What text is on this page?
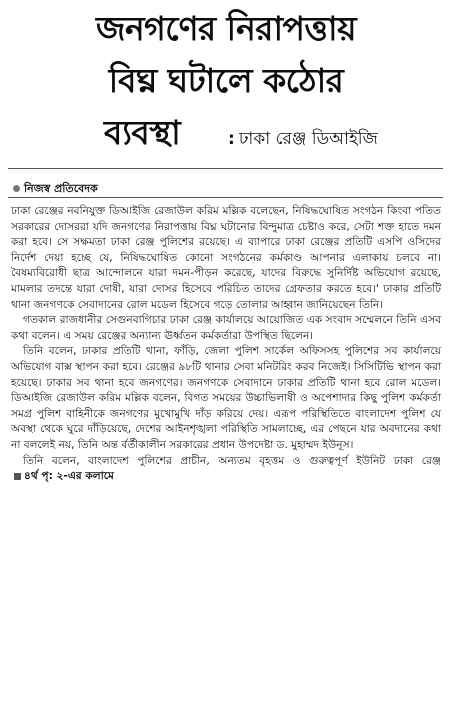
জনগণের নিরাপত্তায়
বিঘ্ন ঘটালে কঠোর
ব্যবস্থা	: ঢাকা রেঞ্জ ডিআইজি
নিজস্ব প্রতিবেদক

ঢাকা রেঞ্জের নবনিযুক্ত ডিআইজি রেজাউল করিম মল্লিক বলেছেন, নিষিদ্ধঘোষিত সংগঠন কিংবা পতিত সরকারের দোসররা যদি জনগণের নিরাপত্তায় বিঘ্ন ঘটানোর বিন্দুমাত্র চেষ্টাও করে, সেটা শক্ত হাতে দমন করা হবে। সে সক্ষমতা ঢাকা রেঞ্জ পুলিশের রয়েছে। এ ব্যাপারে ঢাকা রেঞ্জের প্রতিটি এসপি ওসিদের নির্দেশ দেয়া হচ্ছে যে, নিষিদ্ধঘোষিত কোনো সংগঠনের কর্মকাণ্ড আপনার এলাকায় চলবে না। বৈষম্যবিরোধী ছাত্র আন্দোলনে যারা দমন-পীড়ন করেছে, যাদের বিরুদ্ধে সুনির্দিষ্ট অভিযোগ রয়েছে, মামলার তদন্তে যারা দোষী, যারা দোসর হিসেবে পরিচিত তাদের গ্রেফতার করতে হবে।' ঢাকার প্রতিটি থানা জনগণকে সেবাদানের রোল মডেল হিসেবে গড়ে তোলার আহ্বান জানিয়েছেন তিনি।

গতকাল রাজধানীর সেগুনবাগিচার ঢাকা রেঞ্জ কার্যালয়ে আয়োজিত এক সংবাদ সম্মেলনে তিনি এসব কথা বলেন। এ সময় রেঞ্জের অন্যান্য ঊর্ধ্বতন কর্মকর্তারা উপস্থিত ছিলেন।

তিনি বলেন, ঢাকার প্রতিটি থানা, ফাঁড়ি, জেলা পুলিশ সার্কেল অফিসসহ পুলিশের সব কার্যালয়ে অভিযোগ বাক্স স্থাপন করা হবে। রেঞ্জের ৯৮টি থানার সেবা মনিটরিং করব নিজেই। সিসিটিভি স্থাপন করা হয়েছে। ঢাকার সব থানা হবে জনগণের। জনগণকে সেবাদানে ঢাকার প্রতিটি থানা হবে রোল মডেল। ডিআইজি রেজাউল করিম মল্লিক বলেন, বিগত সময়ের উচ্চাভিলাষী ও অপেশাদার কিছু পুলিশ কর্মকর্তা সমগ্র পুলিশ বাহিনীকে জনগণের মুখোমুখি দাঁড় করিয়ে দেয়। এরূপ পরিস্থিতিতে বাংলাদেশ পুলিশ যে অবস্থা থেকে ঘুরে দাঁড়িয়েছে, দেশের আইনশৃঙ্খলা পরিস্থিতি সামলাচ্ছে, এর পেছনে যার অবদানের কথা না বললেই নয়, তিনি অন্ত র্বর্তীকালীন সরকারের প্রধান উপদেষ্টা ড. মুহাম্মদ ইউনূস।

তিনি বলেন, বাংলাদেশ পুলিশের প্রাচীন, অন্যতম বৃহত্তম ও গুরুত্বপূর্ণ ইউনিট ঢাকা রেঞ্জ৪র্থ পৃ: ২-এর কলামে
